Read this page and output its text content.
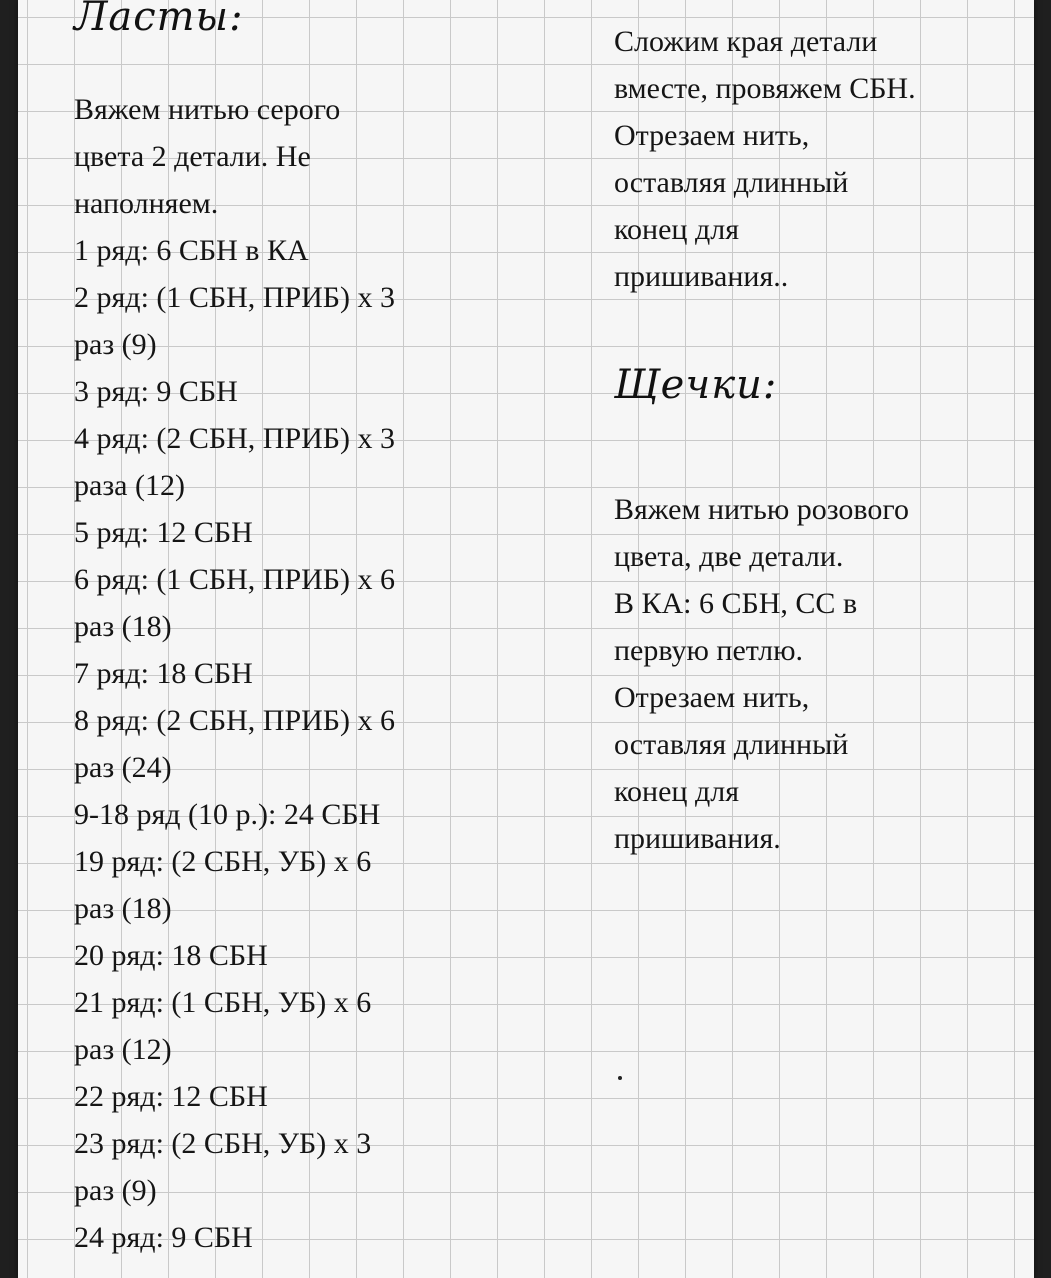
Ласты:
Вяжем нитью серого
цвета 2 детали. Не
наполняем.
1 ряд: 6 СБН в КА
2 ряд: (1 СБН, ПРИБ) х 3
раз (9)
3 ряд: 9 СБН
4 ряд: (2 СБН, ПРИБ) х 3
раза (12)
5 ряд: 12 СБН
6 ряд: (1 СБН, ПРИБ) х 6
раз (18)
7 ряд: 18 СБН
8 ряд: (2 СБН, ПРИБ) х 6
раз (24)
9-18 ряд (10 р.): 24 СБН
19 ряд: (2 СБН, УБ) х 6
раз (18)
20 ряд: 18 СБН
21 ряд: (1 СБН, УБ) х 6
раз (12)
22 ряд: 12 СБН
23 ряд: (2 СБН, УБ) х 3
раз (9)
24 ряд: 9 СБН
Сложим края детали
вместе, провяжем СБН.
Отрезаем нить,
оставляя длинный
конец для
пришивания..
Щечки:
Вяжем нитью розового
цвета, две детали.
В КА: 6 СБН, СС в
первую петлю.
Отрезаем нить,
оставляя длинный
конец для
пришивания.
